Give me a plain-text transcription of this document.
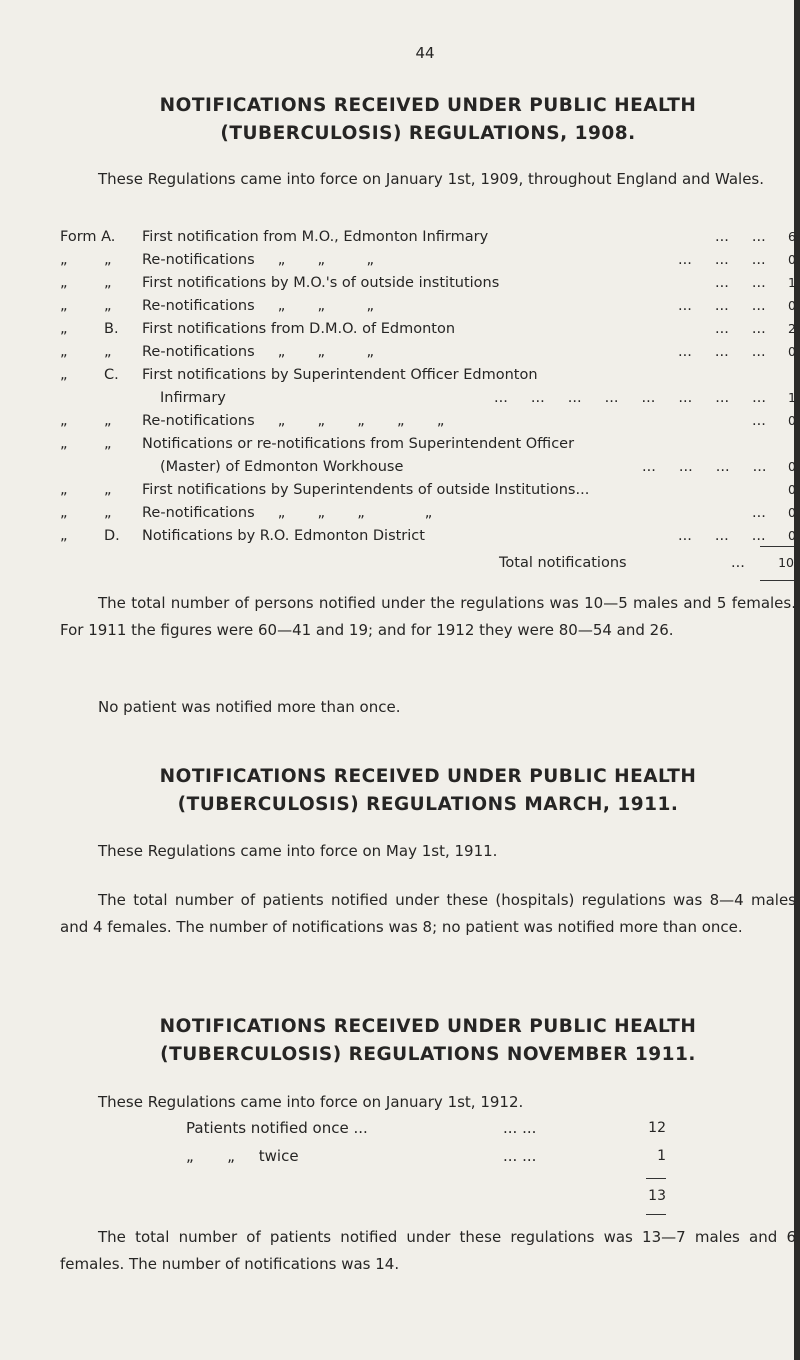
44
NOTIFICATIONS RECEIVED UNDER PUBLIC HEALTH
(TUBERCULOSIS) REGULATIONS, 1908.

These Regulations came into force on January 1st, 1909, throughout England and Wales.

Form A. First notification from M.O., Edmonton Infirmary	...     ...	6
„	„	Re-notifications     „       „         „	...     ...     ...	0
„	„	First notifications by M.O.'s of outside institutions	...     ...	1
„	„	Re-notifications     „       „         „	...     ...     ...	0
„	B.	First notifications from D.M.O. of Edmonton	...     ...	2
„	„	Re-notifications     „       „         „	...     ...     ...	0
„	C.	First notifications by Superintendent Officer Edmonton
Infirmary	...     ...     ...     ...     ...     ...     ...     ...	1
„	„	Re-notifications     „       „       „       „       „	...	0
„	„	Notifications or re-notifications from Superintendent Officer
(Master) of Edmonton Workhouse	...     ...     ...     ...	0
„	„	First notifications by Superintendents of outside Institutions...	0
„	„	Re-notifications     „       „       „             „	...	0
„	D.	Notifications by R.O. Edmonton District	...     ...     ...	0
Total notifications	...	10

The total number of persons notified under the regulations was 10—5 males and 5 females. For 1911 the figures were 60—41 and 19; and for 1912 they were 80—54 and 26.

No patient was notified more than once.

NOTIFICATIONS RECEIVED UNDER PUBLIC HEALTH
(TUBERCULOSIS) REGULATIONS MARCH, 1911.

These Regulations came into force on May 1st, 1911.

The total number of patients notified under these (hospitals) regulations was 8—4 males and 4 females. The number of notifications was 8; no patient was notified more than once.

NOTIFICATIONS RECEIVED UNDER PUBLIC HEALTH
(TUBERCULOSIS) REGULATIONS NOVEMBER 1911.

These Regulations came into force on January 1st, 1912.

Patients notified once ...	... ...	12
„       „     twice	... ...	1
13

The total number of patients notified under these regulations was 13—7 males and 6 females. The number of notifications was 14.
